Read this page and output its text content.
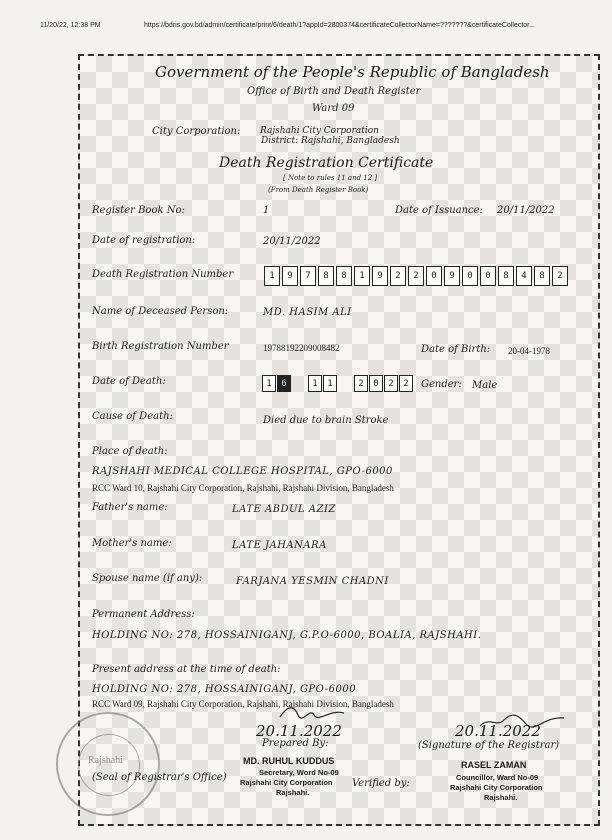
11/20/22, 12:38 PM	https://bdris.gov.bd/admin/certificate/print/6/death/1?appId=2800374&certificateCollectorName=???????&certificateCollector...
Government of the People's Republic of Bangladesh
Office of Birth and Death Register
Ward 09
City Corporation: Rajshahi City Corporation
District: Rajshahi, Bangladesh
Death Registration Certificate
[ Note to rules 11 and 12 ]
(From Death Register Book)
Register Book No:	1	Date of Issuance: 20/11/2022
Date of registration:	20/11/2022
Death Registration Number	1	9	7	8	8	1	9	2	2	0	9	0	0	8	4	8	2
Name of Deceased Person:	MD. HASIM ALI
Birth Registration Number	19788192209008482	Date of Birth: 20-04-1978
Date of Death:	1	6	1	1	2	0	2	2	Gender: Male
Cause of Death:	Died due to brain Stroke
Place of death:
RAJSHAHI MEDICAL COLLEGE HOSPITAL, GPO-6000
RCC Ward 10, Rajshahi City Corporation, Rajshahi, Rajshahi Division, Bangladesh
Father's name:	LATE ABDUL AZIZ
Mother's name:	LATE JAHANARA
Spouse name (if any):	FARJANA YESMIN CHADNI
Permanent Address:
HOLDING NO: 278, HOSSAINIGANJ, G.P.O-6000, BOALIA, RAJSHAHI.
Present address at the time of death:
HOLDING NO: 278, HOSSAINIGANJ, GPO-6000
RCC Ward 09, Rajshahi City Corporation, Rajshahi, Rajshahi Division, Bangladesh
Rajshahi
20.11.2022	20.11.2022
Prepared By:	(Signature of the Registrar)
MD. RUHUL KUDDUS
Secretary, Word No-09
(Seal of Registrar's Office) Rajshahi City Corporation Verified by:
Rajshahi.
RASEL ZAMAN
Councillor, Ward No-09
Rajshahi City Corporation
Rajshahi.
